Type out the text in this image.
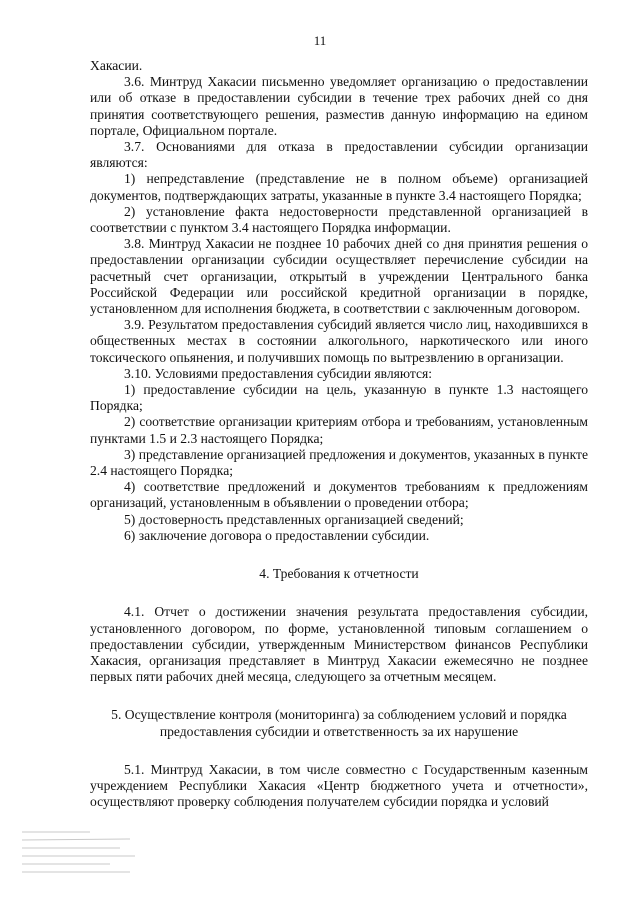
11

Хакасии.

3.6. Минтруд Хакасии письменно уведомляет организацию о предоставлении или об отказе в предоставлении субсидии в течение трех рабочих дней со дня принятия соответствующего решения, разместив данную информацию на едином портале, Официальном портале.

3.7. Основаниями для отказа в предоставлении субсидии организации являются:

1) непредставление (представление не в полном объеме) организацией документов, подтверждающих затраты, указанные в пункте 3.4 настоящего Порядка;

2) установление факта недостоверности представленной организацией в соответствии с пунктом 3.4 настоящего Порядка информации.

3.8. Минтруд Хакасии не позднее 10 рабочих дней со дня принятия решения о предоставлении организации субсидии осуществляет перечисление субсидии на расчетный счет организации, открытый в учреждении Центрального банка Российской Федерации или российской кредитной организации в порядке, установленном для исполнения бюджета, в соответствии с заключенным договором.

3.9. Результатом предоставления субсидий является число лиц, находившихся в общественных местах в состоянии алкогольного, наркотического или иного токсического опьянения, и получивших помощь по вытрезвлению в организации.

3.10. Условиями предоставления субсидии являются:

1) предоставление субсидии на цель, указанную в пункте 1.3 настоящего Порядка;

2) соответствие организации критериям отбора и требованиям, установленным пунктами 1.5 и 2.3 настоящего Порядка;

3) представление организацией предложения и документов, указанных в пункте 2.4 настоящего Порядка;

4) соответствие предложений и документов требованиям к предложениям организаций, установленным в объявлении о проведении отбора;

5) достоверность представленных организацией сведений;

6) заключение договора о предоставлении субсидии.

4. Требования к отчетности

4.1. Отчет о достижении значения результата предоставления субсидии, установленного договором, по форме, установленной типовым соглашением о предоставлении субсидии, утвержденным Министерством финансов Республики Хакасия, организация представляет в Минтруд Хакасии ежемесячно не позднее первых пяти рабочих дней месяца, следующего за отчетным месяцем.

5. Осуществление контроля (мониторинга) за соблюдением условий и порядка
предоставления субсидии и ответственность за их нарушение

5.1. Минтруд Хакасии, в том числе совместно с Государственным казенным учреждением Республики Хакасия «Центр бюджетного учета и отчетности», осуществляют проверку соблюдения получателем субсидии порядка и условий
